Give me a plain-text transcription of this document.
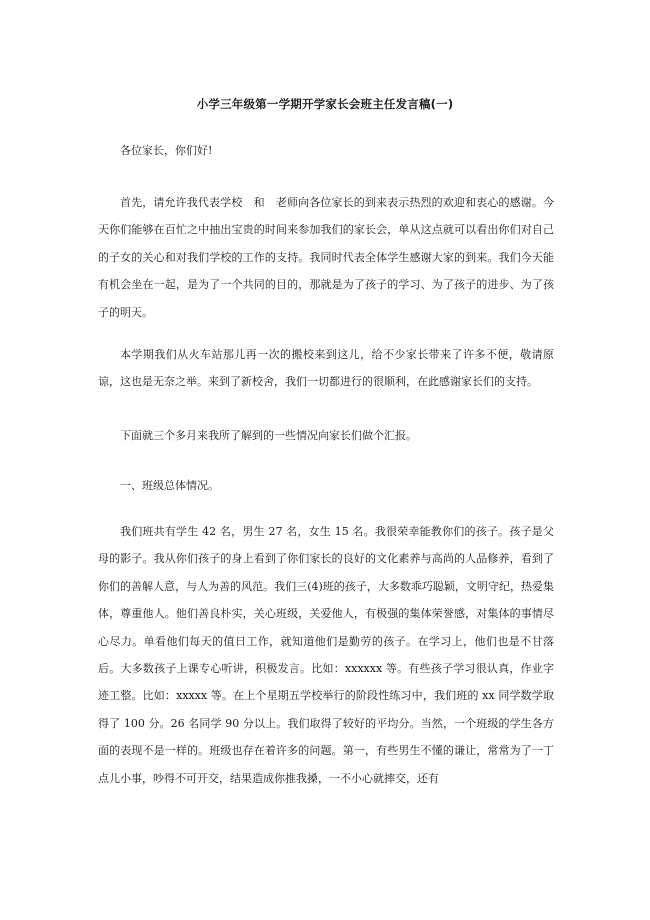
小学三年级第一学期开学家长会班主任发言稿(一)

各位家长，你们好!

首先，请允许我代表学校　和　老师向各位家长的到来表示热烈的欢迎和衷心的感谢。今天你们能够在百忙之中抽出宝贵的时间来参加我们的家长会，单从这点就可以看出你们对自己的子女的关心和对我们学校的工作的支持。我同时代表全体学生感谢大家的到来。我们今天能有机会坐在一起，是为了一个共同的目的，那就是为了孩子的学习、为了孩子的进步、为了孩子的明天。

本学期我们从火车站那儿再一次的搬校来到这儿，给不少家长带来了许多不便，敬请原谅，这也是无奈之举。来到了新校舍，我们一切都进行的很顺利，在此感谢家长们的支持。

下面就三个多月来我所了解到的一些情况向家长们做个汇报。

一、班级总体情况。

我们班共有学生 42 名，男生 27 名，女生 15 名。我很荣幸能教你们的孩子。孩子是父母的影子。我从你们孩子的身上看到了你们家长的良好的文化素养与高尚的人品修养，看到了你们的善解人意，与人为善的风范。我们三(4)班的孩子，大多数乖巧聪颖，文明守纪，热爱集体，尊重他人。他们善良朴实，关心班级，关爱他人，有极强的集体荣誉感，对集体的事情尽心尽力。单看他们每天的值日工作，就知道他们是勤劳的孩子。在学习上，他们也是不甘落后。大多数孩子上课专心听讲，积极发言。比如：xxxxxx 等。有些孩子学习很认真，作业字迹工整。比如：xxxxx 等。在上个星期五学校举行的阶段性练习中，我们班的 xx 同学数学取得了 100 分。26 名同学 90 分以上。我们取得了较好的平均分。当然，一个班级的学生各方面的表现不是一样的。班级也存在着许多的问题。第一，有些男生不懂的谦让，常常为了一丁点儿小事，吵得不可开交，结果造成你推我搡，一不小心就摔交，还有
